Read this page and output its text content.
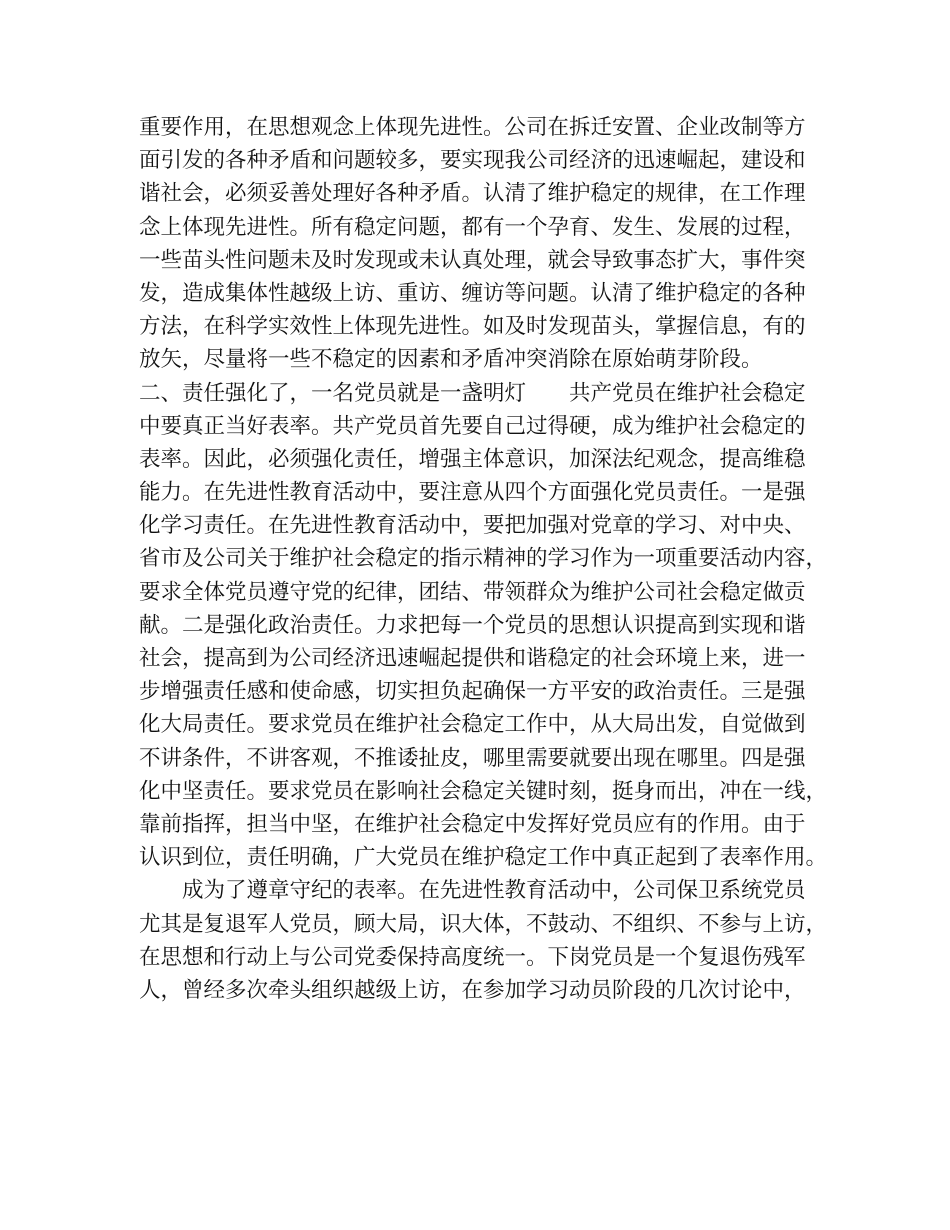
重要作用，在思想观念上体现先进性。公司在拆迁安置、企业改制等方
面引发的各种矛盾和问题较多，要实现我公司经济的迅速崛起，建设和
谐社会，必须妥善处理好各种矛盾。认清了维护稳定的规律，在工作理
念上体现先进性。所有稳定问题，都有一个孕育、发生、发展的过程，
一些苗头性问题未及时发现或未认真处理，就会导致事态扩大，事件突
发，造成集体性越级上访、重访、缠访等问题。认清了维护稳定的各种
方法，在科学实效性上体现先进性。如及时发现苗头，掌握信息，有的
放矢，尽量将一些不稳定的因素和矛盾冲突消除在原始萌芽阶段。
二、责任强化了，一名党员就是一盏明灯　　共产党员在维护社会稳定
中要真正当好表率。共产党员首先要自己过得硬，成为维护社会稳定的
表率。因此，必须强化责任，增强主体意识，加深法纪观念，提高维稳
能力。在先进性教育活动中，要注意从四个方面强化党员责任。一是强
化学习责任。在先进性教育活动中，要把加强对党章的学习、对中央、
省市及公司关于维护社会稳定的指示精神的学习作为一项重要活动内容，
要求全体党员遵守党的纪律，团结、带领群众为维护公司社会稳定做贡
献。二是强化政治责任。力求把每一个党员的思想认识提高到实现和谐
社会，提高到为公司经济迅速崛起提供和谐稳定的社会环境上来，进一
步增强责任感和使命感，切实担负起确保一方平安的政治责任。三是强
化大局责任。要求党员在维护社会稳定工作中，从大局出发，自觉做到
不讲条件，不讲客观，不推诿扯皮，哪里需要就要出现在哪里。四是强
化中坚责任。要求党员在影响社会稳定关键时刻，挺身而出，冲在一线，
靠前指挥，担当中坚，在维护社会稳定中发挥好党员应有的作用。由于
认识到位，责任明确，广大党员在维护稳定工作中真正起到了表率作用。
成为了遵章守纪的表率。在先进性教育活动中，公司保卫系统党员
尤其是复退军人党员，顾大局，识大体，不鼓动、不组织、不参与上访，
在思想和行动上与公司党委保持高度统一。下岗党员是一个复退伤残军
人，曾经多次牵头组织越级上访，在参加学习动员阶段的几次讨论中，
